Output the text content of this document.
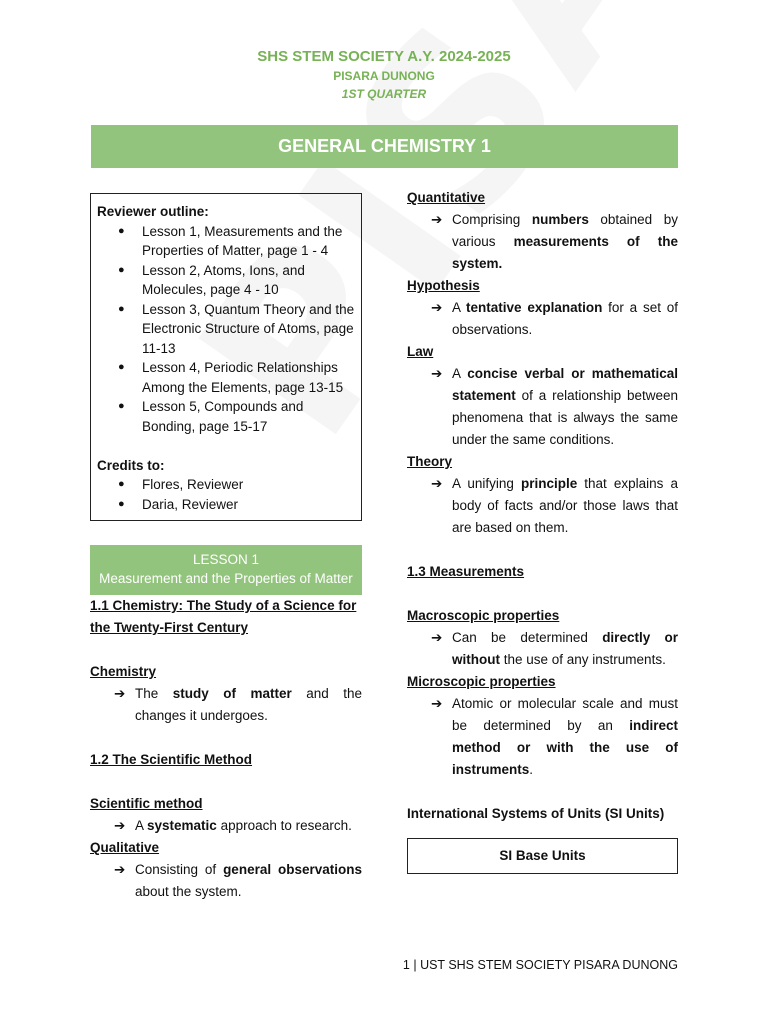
SHS STEM SOCIETY A.Y. 2024-2025
PISARA DUNONG
1ST QUARTER
GENERAL CHEMISTRY 1
Reviewer outline:
● Lesson 1, Measurements and the Properties of Matter, page 1 - 4
● Lesson 2, Atoms, Ions, and Molecules, page 4 - 10
● Lesson 3, Quantum Theory and the Electronic Structure of Atoms, page 11-13
● Lesson 4, Periodic Relationships Among the Elements, page 13-15
● Lesson 5, Compounds and Bonding, page 15-17
Credits to:
● Flores, Reviewer
● Daria, Reviewer
LESSON 1
Measurement and the Properties of Matter
1.1 Chemistry: The Study of a Science for the Twenty-First Century
Chemistry
➔ The study of matter and the changes it undergoes.
1.2 The Scientific Method
Scientific method
➔ A systematic approach to research.
Qualitative
➔ Consisting of general observations about the system.
Quantitative
➔ Comprising numbers obtained by various measurements of the system.
Hypothesis
➔ A tentative explanation for a set of observations.
Law
➔ A concise verbal or mathematical statement of a relationship between phenomena that is always the same under the same conditions.
Theory
➔ A unifying principle that explains a body of facts and/or those laws that are based on them.
1.3 Measurements
Macroscopic properties
➔ Can be determined directly or without the use of any instruments.
Microscopic properties
➔ Atomic or molecular scale and must be determined by an indirect method or with the use of instruments.
International Systems of Units (SI Units)
SI Base Units
1 | UST SHS STEM SOCIETY PISARA DUNONG
